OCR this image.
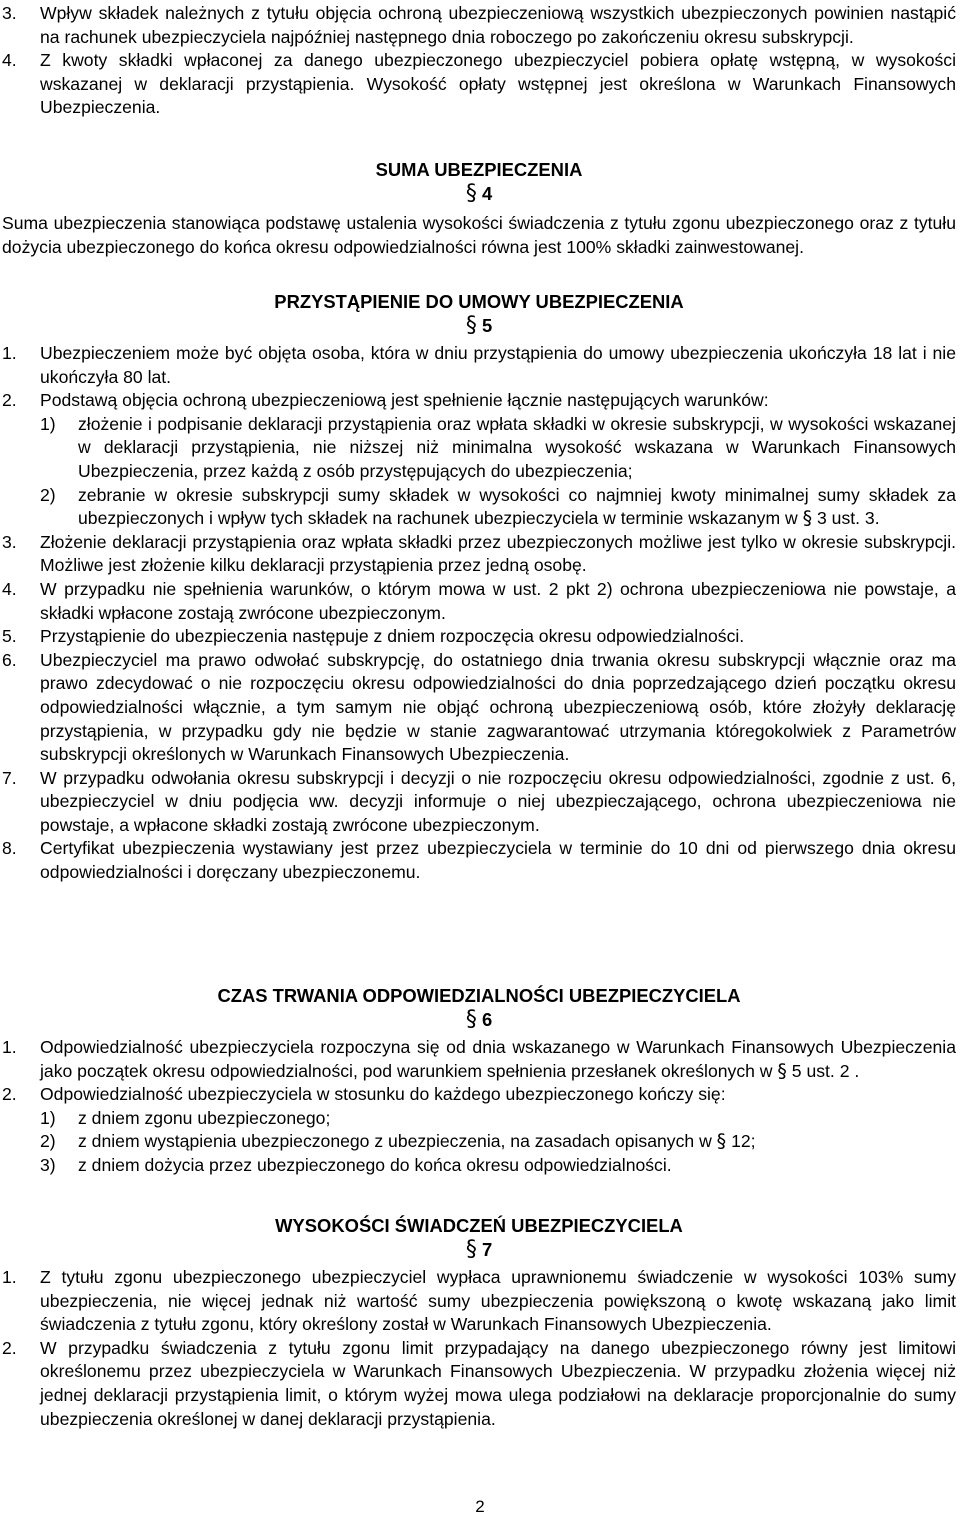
3.	Wpływ składek należnych z tytułu objęcia ochroną ubezpieczeniową wszystkich ubezpieczonych powinien nastąpić na rachunek ubezpieczyciela najpóźniej następnego dnia roboczego po zakończeniu okresu subskrypcji.
4.	Z kwoty składki wpłaconej za danego ubezpieczonego ubezpieczyciel pobiera opłatę wstępną, w wysokości wskazanej w deklaracji przystąpienia. Wysokość opłaty wstępnej jest określona w Warunkach Finansowych Ubezpieczenia.
SUMA UBEZPIECZENIA
§ 4

Suma ubezpieczenia stanowiąca podstawę ustalenia wysokości świadczenia z tytułu zgonu ubezpieczonego oraz z tytułu dożycia ubezpieczonego do końca okresu odpowiedzialności równa jest 100% składki zainwestowanej.

PRZYSTĄPIENIE DO UMOWY UBEZPIECZENIA
§ 5
1.	Ubezpieczeniem może być objęta osoba, która w dniu przystąpienia do umowy ubezpieczenia ukończyła 18 lat i nie ukończyła 80 lat.
2.	Podstawą objęcia ochroną ubezpieczeniową jest spełnienie łącznie następujących warunków:
1)	złożenie i podpisanie deklaracji przystąpienia oraz wpłata składki w okresie subskrypcji, w wysokości wskazanej w deklaracji przystąpienia, nie niższej niż minimalna wysokość wskazana w Warunkach Finansowych Ubezpieczenia, przez każdą z osób przystępujących do ubezpieczenia;
2)	zebranie w okresie subskrypcji sumy składek w wysokości co najmniej kwoty minimalnej sumy składek za ubezpieczonych i wpływ tych składek na rachunek ubezpieczyciela w terminie wskazanym w § 3 ust. 3.
3.	Złożenie deklaracji przystąpienia oraz wpłata składki przez ubezpieczonych możliwe jest tylko w okresie subskrypcji. Możliwe jest złożenie kilku deklaracji przystąpienia przez jedną osobę.
4.	W przypadku nie spełnienia warunków, o którym mowa w ust. 2 pkt 2) ochrona ubezpieczeniowa nie powstaje, a składki wpłacone zostają zwrócone ubezpieczonym.
5.	Przystąpienie do ubezpieczenia następuje z dniem rozpoczęcia okresu odpowiedzialności.
6.	Ubezpieczyciel ma prawo odwołać subskrypcję, do ostatniego dnia trwania okresu subskrypcji włącznie oraz ma prawo zdecydować o nie rozpoczęciu okresu odpowiedzialności do dnia poprzedzającego dzień początku okresu odpowiedzialności włącznie, a tym samym nie objąć ochroną ubezpieczeniową osób, które złożyły deklarację przystąpienia, w przypadku gdy nie będzie w stanie zagwarantować utrzymania któregokolwiek z Parametrów subskrypcji określonych w Warunkach Finansowych Ubezpieczenia.
7.	W przypadku odwołania okresu subskrypcji i decyzji o nie rozpoczęciu okresu odpowiedzialności, zgodnie z ust. 6, ubezpieczyciel w dniu podjęcia ww. decyzji informuje o niej ubezpieczającego, ochrona ubezpieczeniowa nie powstaje, a wpłacone składki zostają zwrócone ubezpieczonym.
8.	Certyfikat ubezpieczenia wystawiany jest przez ubezpieczyciela w terminie do 10 dni od pierwszego dnia okresu odpowiedzialności i doręczany ubezpieczonemu.
CZAS TRWANIA ODPOWIEDZIALNOŚCI UBEZPIECZYCIELA
§ 6
1.	Odpowiedzialność ubezpieczyciela rozpoczyna się od dnia wskazanego w Warunkach Finansowych Ubezpieczenia jako początek okresu odpowiedzialności, pod warunkiem spełnienia przesłanek określonych w § 5 ust. 2 .
2.	Odpowiedzialność ubezpieczyciela w stosunku do każdego ubezpieczonego kończy się:
1)	z dniem zgonu ubezpieczonego;
2)	z dniem wystąpienia ubezpieczonego z ubezpieczenia, na zasadach opisanych w § 12;
3)	z dniem dożycia przez ubezpieczonego do końca okresu odpowiedzialności.
WYSOKOŚCI ŚWIADCZEŃ UBEZPIECZYCIELA
§ 7
1.	Z tytułu zgonu ubezpieczonego ubezpieczyciel wypłaca uprawnionemu świadczenie w wysokości 103% sumy ubezpieczenia, nie więcej jednak niż wartość sumy ubezpieczenia powiększoną o kwotę wskazaną jako limit świadczenia z tytułu zgonu, który określony został w Warunkach Finansowych Ubezpieczenia.
2.	W przypadku świadczenia z tytułu zgonu limit przypadający na danego ubezpieczonego równy jest limitowi określonemu przez ubezpieczyciela w Warunkach Finansowych Ubezpieczenia. W przypadku złożenia więcej niż jednej deklaracji przystąpienia limit, o którym wyżej mowa ulega podziałowi na deklaracje proporcjonalnie do sumy ubezpieczenia określonej w danej deklaracji przystąpienia.
2
